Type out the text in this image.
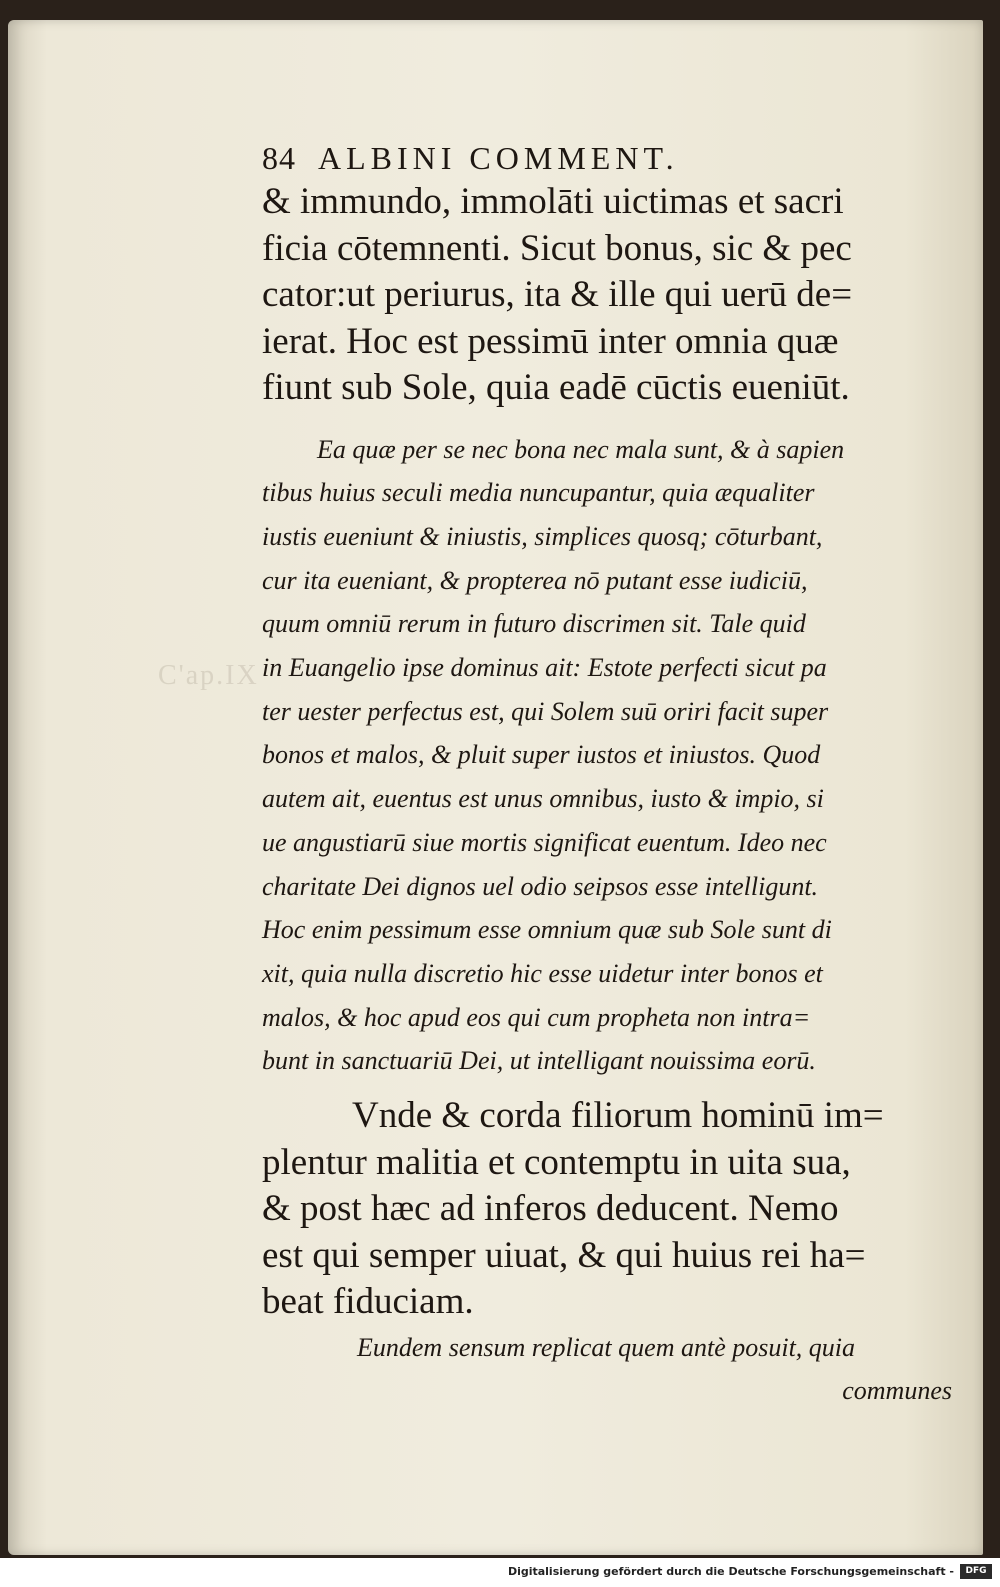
C'ap.IX
84 ALBINI COMMENT.
& immundo, immolāti uictimas et sacri
ficia cōtemnenti. Sicut bonus, sic & pec
cator:ut periurus, ita & ille qui uerū de=
ierat. Hoc est pessimū inter omnia quæ
fiunt sub Sole, quia eadē cūctis eueniūt.
Ea quæ per se nec bona nec mala sunt, & à sapien
tibus huius seculi media nuncupantur, quia æqualiter
iustis eueniunt & iniustis, simplices quosq; cōturbant,
cur ita eueniant, & propterea nō putant esse iudiciū,
quum omniū rerum in futuro discrimen sit. Tale quid
in Euangelio ipse dominus ait: Estote perfecti sicut pa
ter uester perfectus est, qui Solem suū oriri facit super
bonos et malos, & pluit super iustos et iniustos. Quod
autem ait, euentus est unus omnibus, iusto & impio, si
ue angustiarū siue mortis significat euentum. Ideo nec
charitate Dei dignos uel odio seipsos esse intelligunt.
Hoc enim pessimum esse omnium quæ sub Sole sunt di
xit, quia nulla discretio hic esse uidetur inter bonos et
malos, & hoc apud eos qui cum propheta non intra=
bunt in sanctuariū Dei, ut intelligant nouissima eorū.
Vnde & corda filiorum hominū im=
plentur malitia et contemptu in uita sua,
& post hæc ad inferos deducent. Nemo
est qui semper uiuat, & qui huius rei ha=
beat fiduciam.
Eundem sensum replicat quem antè posuit, quia
communes
Digitalisierung gefördert durch die Deutsche Forschungsgemeinschaft -	DFG
